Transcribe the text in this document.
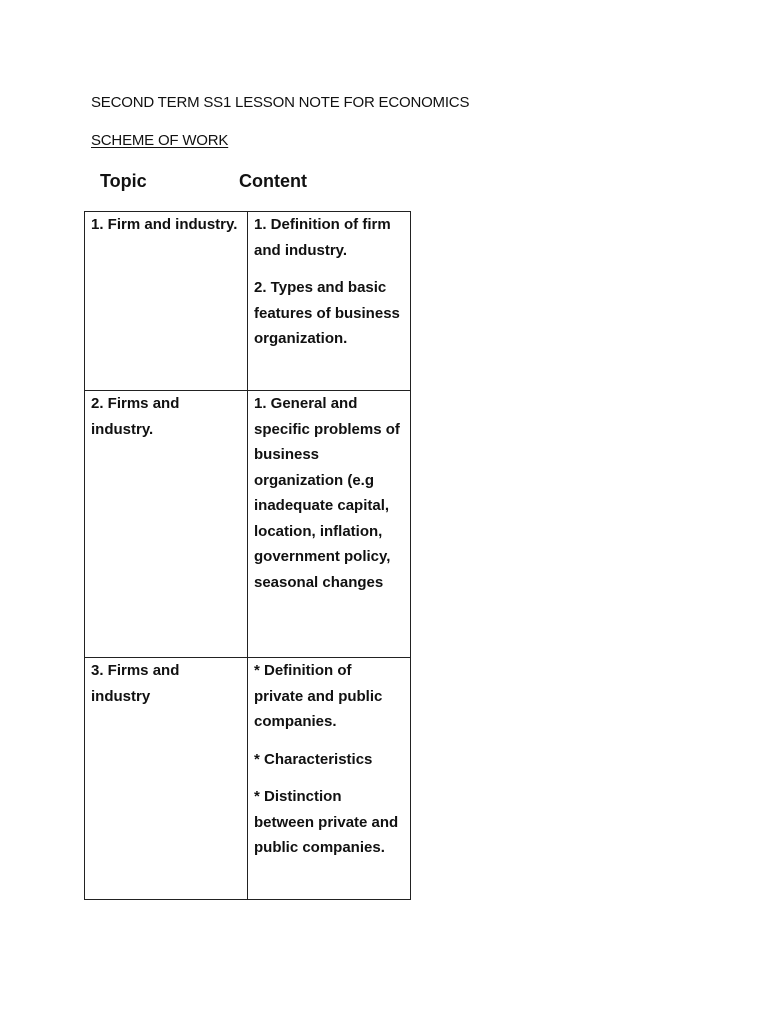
SECOND TERM SS1 LESSON NOTE FOR ECONOMICS
SCHEME OF WORK
Topic	Content

1. Firm and industry.	1. Definition of firm and industry.

2. Types and basic features of business organization.

2. Firms and industry.	1. General and specific problems of business organization (e.g inadequate capital, location, inflation, government policy, seasonal changes

3. Firms and industry	* Definition of private and public companies.

* Characteristics

* Distinction between private and public companies.
